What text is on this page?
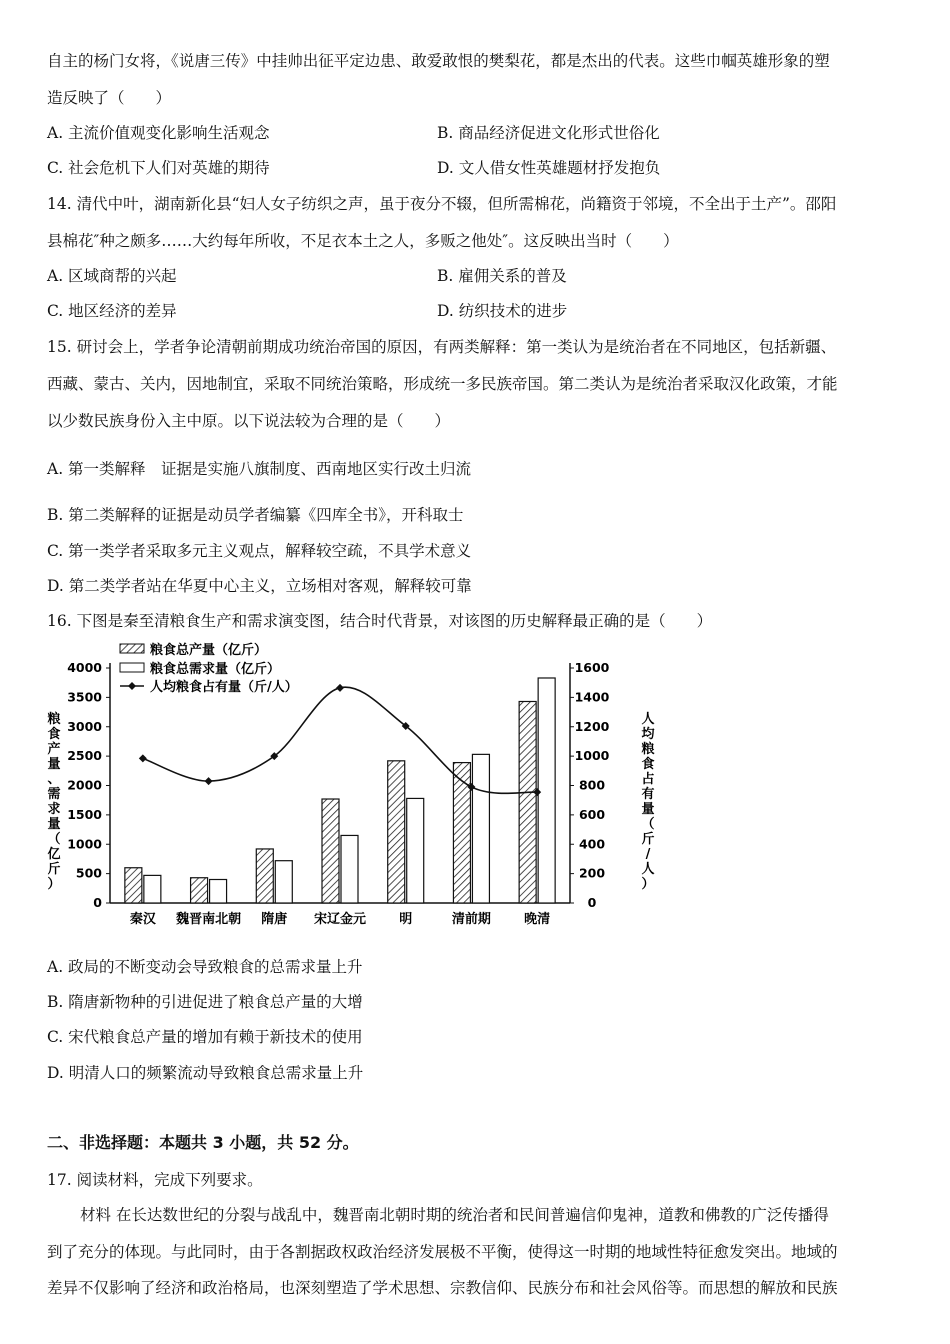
自主的杨门女将，《说唐三传》中挂帅出征平定边患、敢爱敢恨的樊梨花，都是杰出的代表。这些巾帼英雄形象的塑
造反映了（　　）
A. 主流价值观变化影响生活观念	B. 商品经济促进文化形式世俗化
C. 社会危机下人们对英雄的期待	D. 文人借女性英雄题材抒发抱负
14. 清代中叶，湖南新化县“妇人女子纺织之声，虽于夜分不辍，但所需棉花，尚籍资于邻境，不全出于土产”。邵阳
县棉花″种之颇多……大约每年所收，不足衣本土之人，多贩之他处″。这反映出当时（　　）
A. 区域商帮的兴起	B. 雇佣关系的普及
C. 地区经济的差异	D. 纺织技术的进步
15. 研讨会上，学者争论清朝前期成功统治帝国的原因，有两类解释：第一类认为是统治者在不同地区，包括新疆、
西藏、蒙古、关内，因地制宜，采取不同统治策略，形成统一多民族帝国。第二类认为是统治者采取汉化政策，才能
以少数民族身份入主中原。以下说法较为合理的是（　　）
A. 第一类解释　证据是实施八旗制度、西南地区实行改土归流
B. 第二类解释的证据是动员学者编纂《四库全书》，开科取士
C. 第一类学者采取多元主义观点，解释较空疏，不具学术意义
D. 第二类学者站在华夏中心主义，立场相对客观，解释较可靠
16. 下图是秦至清粮食生产和需求演变图，结合时代背景，对该图的历史解释最正确的是（　　）
0
500
1000
1500
2000
2500
3000
3500
4000
0
200
400
600
800
1000
1200
1400
1600
秦汉 魏晋南北朝 隋唐 宋辽金元	明	清前期	晚清
粮
食
产
量
、
需
求
量
（
亿
斤
）
人
均
粮
食
占
有
量
（
斤
/
人
）
粮食总产量（亿斤）
粮食总需求量（亿斤）
人均粮食占有量（斤/人）
A. 政局的不断变动会导致粮食的总需求量上升
B. 隋唐新物种的引进促进了粮食总产量的大增
C. 宋代粮食总产量的增加有赖于新技术的使用
D. 明清人口的频繁流动导致粮食总需求量上升
二、非选择题：本题共 3 小题，共 52 分。
17. 阅读材料，完成下列要求。
材料 在长达数世纪的分裂与战乱中，魏晋南北朝时期的统治者和民间普遍信仰鬼神，道教和佛教的广泛传播得
到了充分的体现。与此同时，由于各割据政权政治经济发展极不平衡，使得这一时期的地域性特征愈发突出。地域的
差异不仅影响了经济和政治格局，也深刻塑造了学术思想、宗教信仰、民族分布和社会风俗等。而思想的解放和民族
